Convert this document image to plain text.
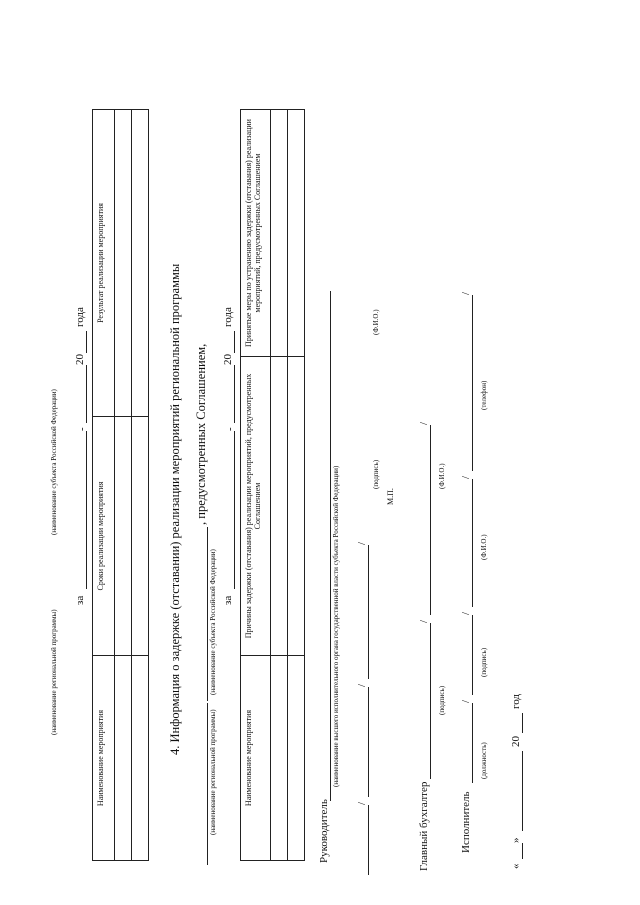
(наименование региональной программы)
(наименование субъекта Российской Федерации)
за
-
20
года
Наименование мероприятия	Сроки реализации мероприятия	Результат реализации мероприятия

4. Информация о задержке (отставании) реализации мероприятий региональной программы
(наименование региональной программы)
(наименование субъекта Российской Федерации)
, предусмотренных Соглашением,
за
-
20
года
Наименование мероприятия	Причины задержки (отставания) реализации мероприятий, предусмотренных Соглашением	Принятые меры по устранению задержки (отставания) реализации мероприятий, предусмотренных Соглашением

Руководитель
(наименование высшего исполнительного органа государственной власти субъекта Российской Федерации)
/
/
/
(подпись)
(Ф.И.О.)
М.П.
Главный бухгалтер
/
/
(подпись)
(Ф.И.О.)
Исполнитель
/
/
/
/
(должность)
(подпись)
(Ф.И.О.)
(телефон)
«
»
20
год
